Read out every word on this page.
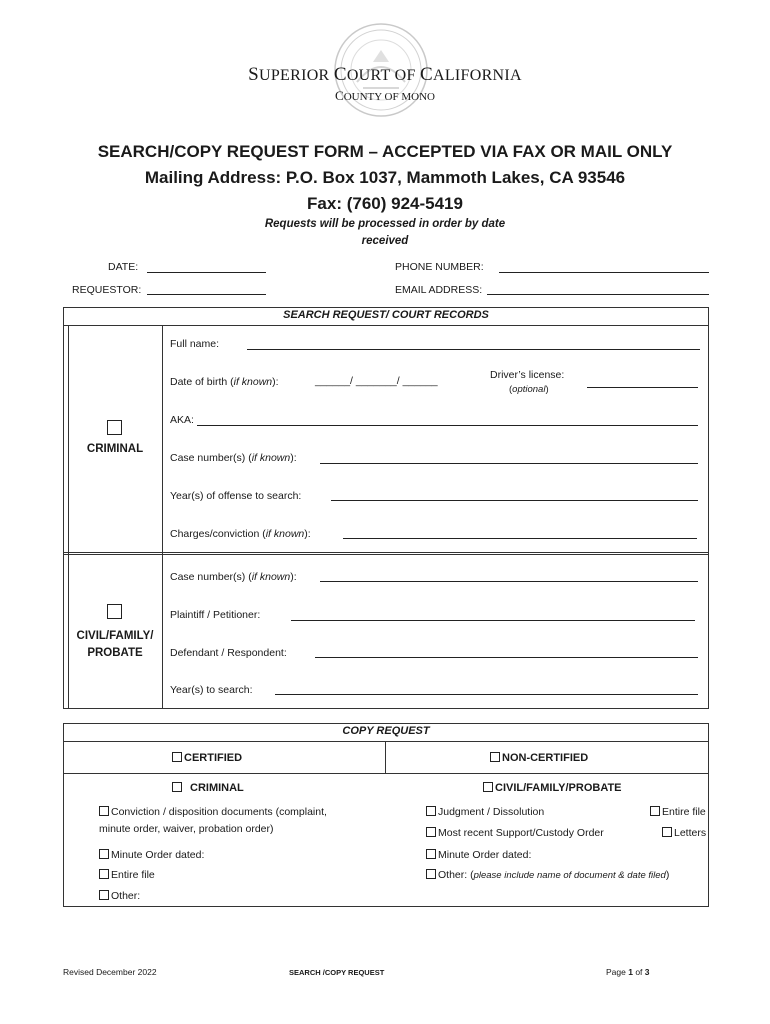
SUPERIOR COURT OF CALIFORNIA
COUNTY OF MONO
SEARCH/COPY REQUEST FORM – ACCEPTED VIA FAX OR MAIL ONLY
Mailing Address: P.O. Box 1037, Mammoth Lakes, CA 93546
Fax: (760) 924-5419
Requests will be processed in order by date received
DATE:
REQUESTOR:
PHONE NUMBER:
EMAIL ADDRESS:
SEARCH REQUEST/ COURT RECORDS
CRIMINAL
Full name:
Date of birth (if known):	______/ _______/ ______	Driver’s license:
(optional)
AKA:
Case number(s) (if known):
Year(s) of offense to search:
Charges/conviction (if known):
CIVIL/FAMILY/
PROBATE
Case number(s) (if known):
Plaintiff / Petitioner:
Defendant / Respondent:
Year(s) to search:
COPY REQUEST
CERTIFIED	NON-CERTIFIED
CRIMINAL	CIVIL/FAMILY/PROBATE
Conviction / disposition documents (complaint,
minute order, waiver, probation order)
Minute Order dated:
Entire file
Other:
Judgment / Dissolution	Entire file
Most recent Support/Custody Order	Letters
Minute Order dated:
Other: (please include name of document & date filed)
Revised December 2022	SEARCH /COPY REQUEST	Page 1 of 3
